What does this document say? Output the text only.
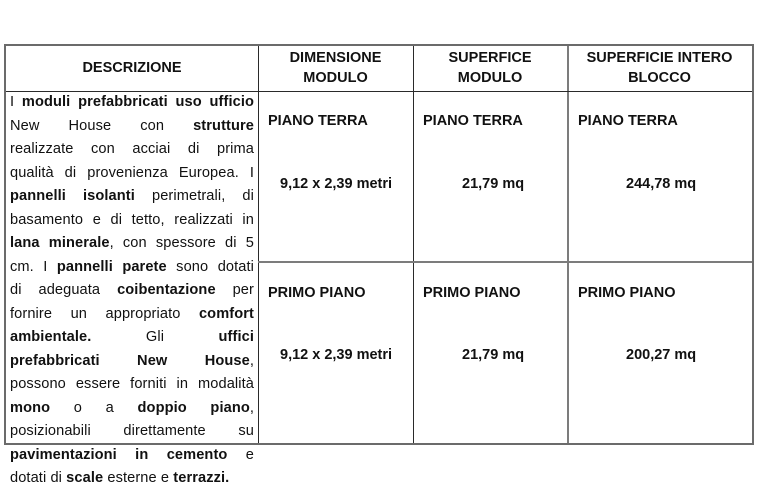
DESCRIZIONE
DIMENSIONE
MODULO
SUPERFICE
MODULO
SUPERFICIE INTERO
BLOCCO

I moduli prefabbricati uso ufficio

New House con strutture

realizzate con acciai di prima

qualità di provenienza Europea. I

pannelli isolanti perimetrali, di

basamento e di tetto, realizzati in

lana minerale, con spessore di 5

cm. I pannelli parete sono dotati

di adeguata coibentazione per

fornire un appropriato comfort

ambientale. Gli uffici

prefabbricati New House,

possono essere forniti in modalità

mono o a doppio piano,

posizionabili direttamente su

pavimentazioni in cemento e

dotati di scale esterne e terrazzi.

PIANO TERRA
9,12 x 2,39 metri
PIANO TERRA
21,79 mq
PIANO TERRA
244,78 mq
PRIMO PIANO
9,12 x 2,39 metri
PRIMO PIANO
21,79 mq
PRIMO PIANO
200,27 mq
